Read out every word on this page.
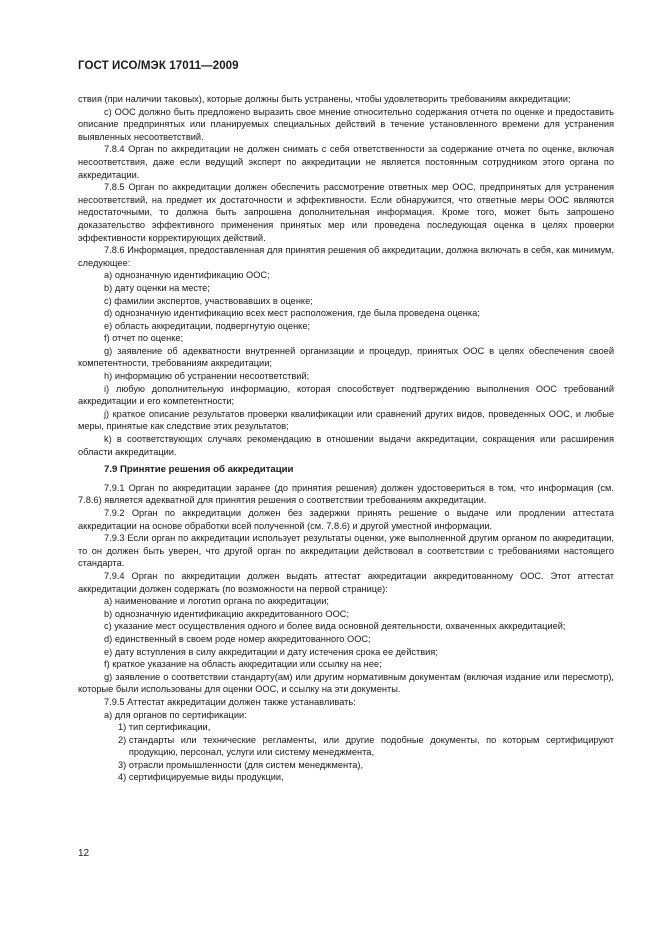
ГОСТ ИСО/МЭК 17011—2009

ствия (при наличии таковых), которые должны быть устранены, чтобы удовлетворить требованиям аккредитации;

c) ООС должно быть предложено выразить свое мнение относительно содержания отчета по оценке и предоставить описание предпринятых или планируемых специальных действий в течение установленного времени для устранения выявленных несоответствий.

7.8.4 Орган по аккредитации не должен снимать с себя ответственности за содержание отчета по оценке, включая несоответствия, даже если ведущий эксперт по аккредитации не является постоянным сотрудником этого органа по аккредитации.

7.8.5 Орган по аккредитации должен обеспечить рассмотрение ответных мер ООС, предпринятых для устранения несоответствий, на предмет их достаточности и эффективности. Если обнаружится, что ответные меры ООС являются недостаточными, то должна быть запрошена дополнительная информация. Кроме того, может быть запрошено доказательство эффективного применения принятых мер или проведена последующая оценка в целях проверки эффективности корректирующих действий.

7.8.6 Информация, предоставленная для принятия решения об аккредитации, должна включать в себя, как минимум, следующее:

a)
однозначную идентификацию ООС;
b)
дату оценки на месте;
c)
фамилии экспертов, участвовавших в оценке;
d)
однозначную идентификацию всех мест расположения, где была проведена оценка;
e)
область аккредитации, подвергнутую оценке;
f)
отчет по оценке;

g) заявление об адекватности внутренней организации и процедур, принятых ООС в целях обеспечения своей компетентности, требованиям аккредитации;

h)
информацию об устранении несоответствий;

i) любую дополнительную информацию, которая способствует подтверждению выполнения ООС требований аккредитации и его компетентности;

j) краткое описание результатов проверки квалификации или сравнений других видов, проведенных ООС, и любые меры, принятые как следствие этих результатов;

k) в соответствующих случаях рекомендацию в отношении выдачи аккредитации, сокращения или расширения области аккредитации.

7.9 Принятие решения об аккредитации

7.9.1 Орган по аккредитации заранее (до принятия решения) должен удостовериться в том, что информация (см. 7.8.6) является адекватной для принятия решения о соответствии требованиям аккредитации.

7.9.2 Орган по аккредитации должен без задержки принять решение о выдаче или продлении аттестата аккредитации на основе обработки всей полученной (см. 7.8.6) и другой уместной информации.

7.9.3 Если орган по аккредитации использует результаты оценки, уже выполненной другим органом по аккредитации, то он должен быть уверен, что другой орган по аккредитации действовал в соответствии с требованиями настоящего стандарта.

7.9.4 Орган по аккредитации должен выдать аттестат аккредитации аккредитованному ООС. Этот аттестат аккредитации должен содержать (по возможности на первой странице):

a)
наименование и логотип органа по аккредитации;
b)
однозначную идентификацию аккредитованного ООС;

c) указание мест осуществления одного и более вида основной деятельности, охваченных аккредитацией;

d)
единственный в своем роде номер аккредитованного ООС;
e)
дату вступления в силу аккредитации и дату истечения срока ее действия;
f)
краткое указание на область аккредитации или ссылку на нее;

g) заявление о соответствии стандарту(ам) или другим нормативным документам (включая издание или пересмотр), которые были использованы для оценки ООС, и ссылку на эти документы.

7.9.5 Аттестат аккредитации должен также устанавливать:

a)
для органов по сертификации:
1)
тип сертификации,
2)
стандарты или технические регламенты, или другие подобные документы, по которым сертифицируют продукцию, персонал, услуги или систему менеджмента,
3)
отрасли промышленности (для систем менеджмента),
4)
сертифицируемые виды продукции,
12
